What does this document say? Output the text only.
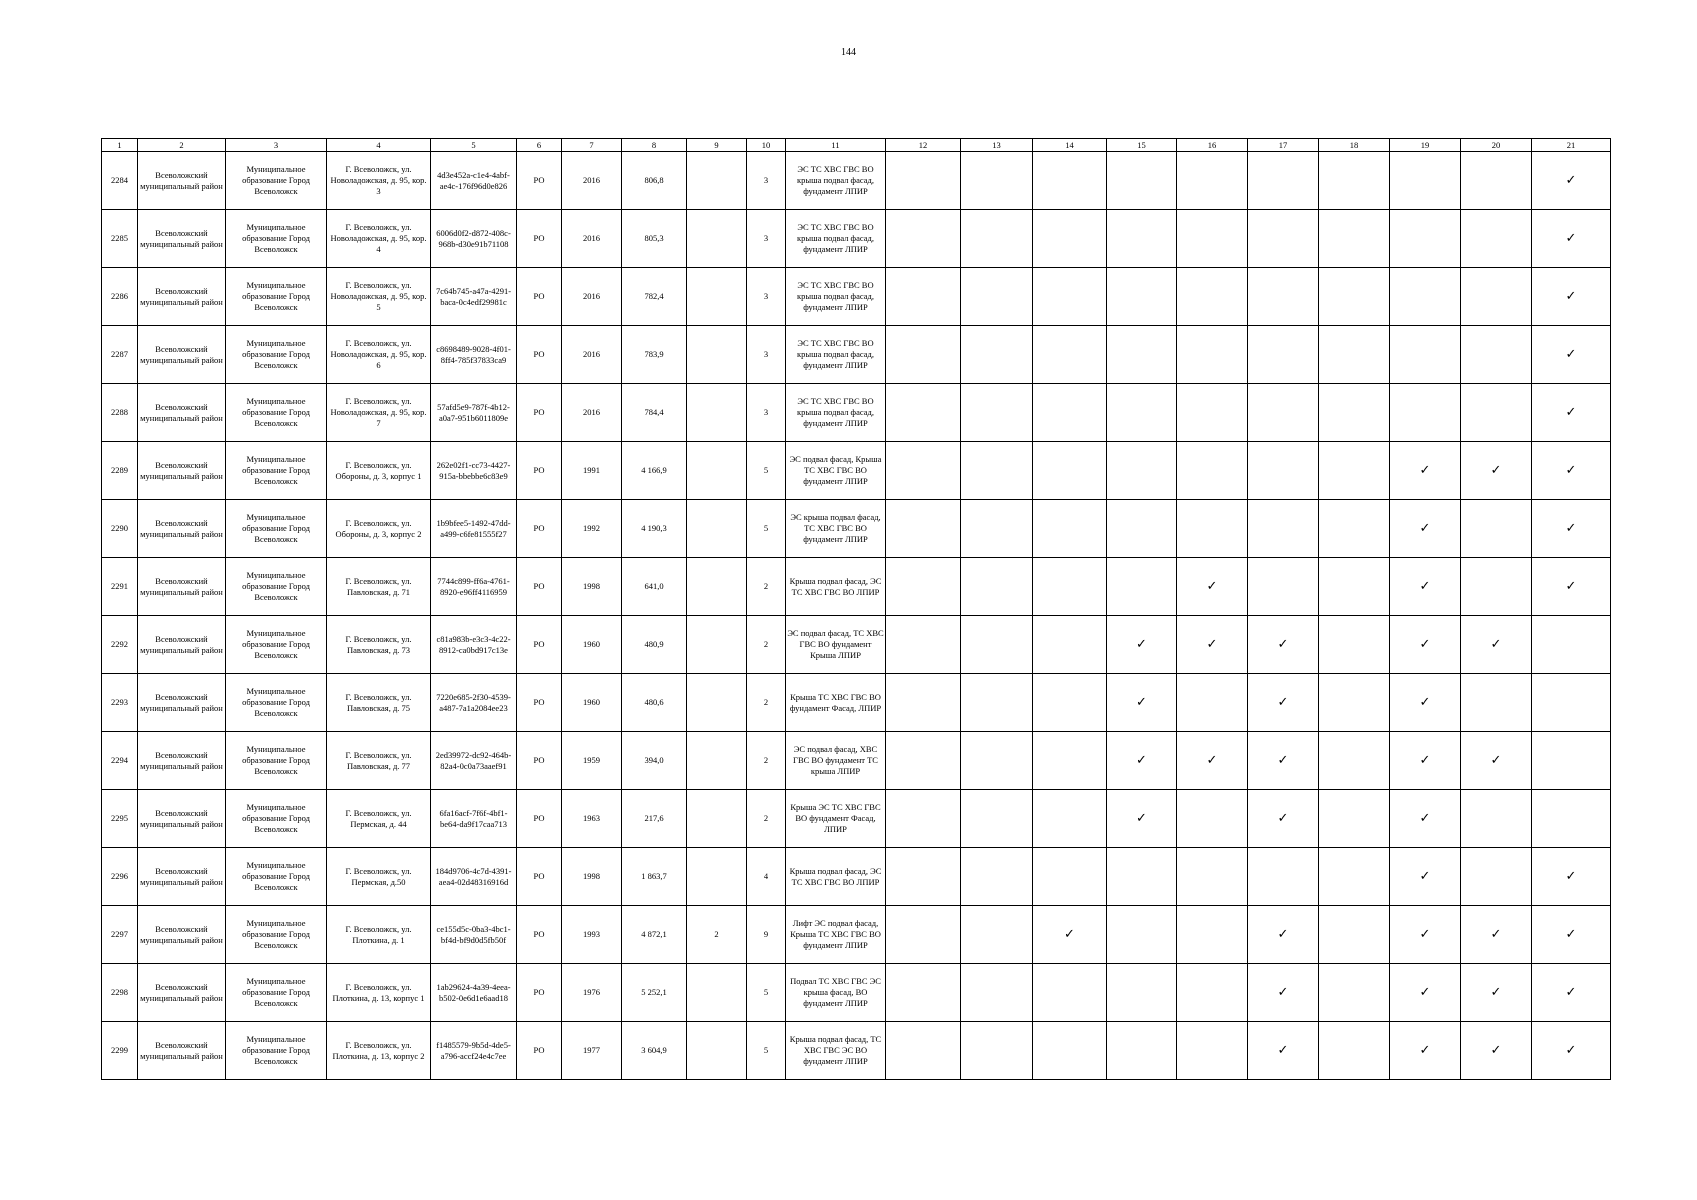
144
1	2	3	4	5	6	7	8	9	10	11	12	13	14	15	16	17	18	19	20	21
2284	Всеволожский муниципальный район	Муниципальное образование Город Всеволожск	Г. Всеволожск, ул. Новоладожская, д. 95, кор. 3	4d3e452a-c1e4-4abf-ae4c-176f96d0e826	РО	2016	806,8		3	ЭС ТС ХВС ГВС ВО крыша подвал фасад, фундамент ЛПИР										✓
2285	Всеволожский муниципальный район	Муниципальное образование Город Всеволожск	Г. Всеволожск, ул. Новоладожская, д. 95, кор. 4	6006d0f2-d872-408c-968b-d30e91b71108	РО	2016	805,3		3	ЭС ТС ХВС ГВС ВО крыша подвал фасад, фундамент ЛПИР										✓
2286	Всеволожский муниципальный район	Муниципальное образование Город Всеволожск	Г. Всеволожск, ул. Новоладожская, д. 95, кор. 5	7c64b745-a47a-4291-baca-0c4edf29981c	РО	2016	782,4		3	ЭС ТС ХВС ГВС ВО крыша подвал фасад, фундамент ЛПИР										✓
2287	Всеволожский муниципальный район	Муниципальное образование Город Всеволожск	Г. Всеволожск, ул. Новоладожская, д. 95, кор. 6	c8698489-9028-4f01-8ff4-785f37833ca9	РО	2016	783,9		3	ЭС ТС ХВС ГВС ВО крыша подвал фасад, фундамент ЛПИР										✓
2288	Всеволожский муниципальный район	Муниципальное образование Город Всеволожск	Г. Всеволожск, ул. Новоладожская, д. 95, кор. 7	57afd5e9-787f-4b12-a0a7-951b6011809e	РО	2016	784,4		3	ЭС ТС ХВС ГВС ВО крыша подвал фасад, фундамент ЛПИР										✓
2289	Всеволожский муниципальный район	Муниципальное образование Город Всеволожск	Г. Всеволожск, ул. Обороны, д. 3, корпус 1	262e02f1-cc73-4427-915a-bbebbe6c83e9	РО	1991	4 166,9		5	ЭС подвал фасад, Крыша ТС ХВС ГВС ВО фундамент ЛПИР								✓	✓	✓
2290	Всеволожский муниципальный район	Муниципальное образование Город Всеволожск	Г. Всеволожск, ул. Обороны, д. 3, корпус 2	1b9bfee5-1492-47dd-a499-c6fe81555f27	РО	1992	4 190,3		5	ЭС крыша подвал фасад, ТС ХВС ГВС ВО фундамент ЛПИР								✓		✓
2291	Всеволожский муниципальный район	Муниципальное образование Город Всеволожск	Г. Всеволожск, ул. Павловская, д. 71	7744c899-ff6a-4761-8920-e96ff4116959	РО	1998	641,0		2	Крыша подвал фасад, ЭС ТС ХВС ГВС ВО ЛПИР					✓			✓		✓
2292	Всеволожский муниципальный район	Муниципальное образование Город Всеволожск	Г. Всеволожск, ул. Павловская, д. 73	c81a983b-e3c3-4c22-8912-ca0bd917c13e	РО	1960	480,9		2	ЭС подвал фасад, ТС ХВС ГВС ВО фундамент Крыша ЛПИР				✓	✓	✓		✓	✓	
2293	Всеволожский муниципальный район	Муниципальное образование Город Всеволожск	Г. Всеволожск, ул. Павловская, д. 75	7220e685-2f30-4539-a487-7a1a2084ee23	РО	1960	480,6		2	Крыша ТС ХВС ГВС ВО фундамент Фасад, ЛПИР				✓		✓		✓		
2294	Всеволожский муниципальный район	Муниципальное образование Город Всеволожск	Г. Всеволожск, ул. Павловская, д. 77	2ed39972-dc92-464b-82a4-0c0a73aaef91	РО	1959	394,0		2	ЭС подвал фасад, ХВС ГВС ВО фундамент ТС крыша ЛПИР				✓	✓	✓		✓	✓	
2295	Всеволожский муниципальный район	Муниципальное образование Город Всеволожск	Г. Всеволожск, ул. Пермская, д. 44	6fa16acf-7f6f-4bf1-be64-da9f17caa713	РО	1963	217,6		2	Крыша ЭС ТС ХВС ГВС ВО фундамент Фасад, ЛПИР				✓		✓		✓		
2296	Всеволожский муниципальный район	Муниципальное образование Город Всеволожск	Г. Всеволожск, ул. Пермская, д.50	184d9706-4c7d-4391-aea4-02d48316916d	РО	1998	1 863,7		4	Крыша подвал фасад, ЭС ТС ХВС ГВС ВО ЛПИР								✓		✓
2297	Всеволожский муниципальный район	Муниципальное образование Город Всеволожск	Г. Всеволожск, ул. Плоткина, д. 1	ce155d5c-0ba3-4bc1-bf4d-bf9d0d5fb50f	РО	1993	4 872,1	2	9	Лифт ЭС подвал фасад, Крыша ТС ХВС ГВС ВО фундамент ЛПИР			✓			✓		✓	✓	✓
2298	Всеволожский муниципальный район	Муниципальное образование Город Всеволожск	Г. Всеволожск, ул. Плоткина, д. 13, корпус 1	1ab29624-4a39-4eea-b502-0e6d1e6aad18	РО	1976	5 252,1		5	Подвал ТС ХВС ГВС ЭС крыша фасад, ВО фундамент ЛПИР						✓		✓	✓	✓
2299	Всеволожский муниципальный район	Муниципальное образование Город Всеволожск	Г. Всеволожск, ул. Плоткина, д. 13, корпус 2	f1485579-9b5d-4de5-a796-accf24e4c7ee	РО	1977	3 604,9		5	Крыша подвал фасад, ТС ХВС ГВС ЭС ВО фундамент ЛПИР						✓		✓	✓	✓
